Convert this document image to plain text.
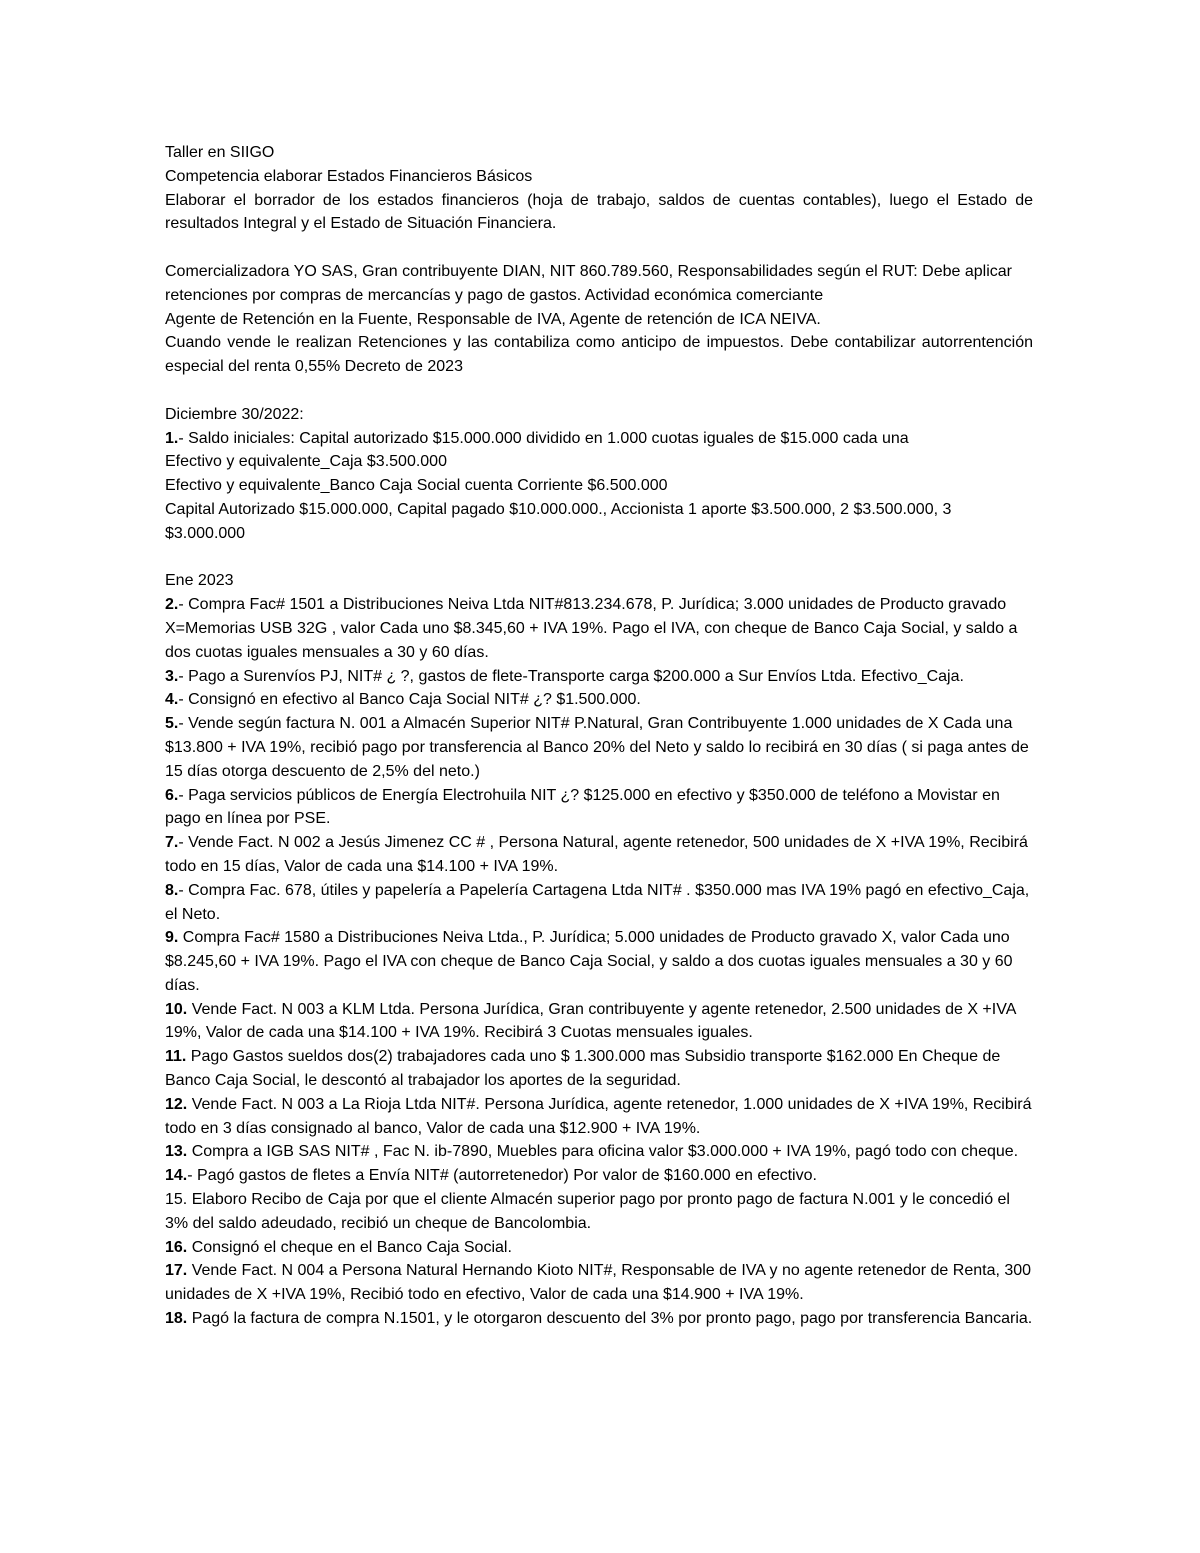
Taller en SIIGO

Competencia elaborar Estados Financieros Básicos

Elaborar el borrador de los estados financieros (hoja de trabajo, saldos de cuentas contables), luego el Estado de resultados Integral y el Estado de Situación Financiera.

Comercializadora YO SAS, Gran contribuyente DIAN, NIT 860.789.560, Responsabilidades según el RUT: Debe aplicar retenciones por compras de mercancías y pago de gastos. Actividad económica comerciante

Agente de Retención en la Fuente, Responsable de IVA, Agente de retención de ICA NEIVA.

Cuando vende le realizan Retenciones y las contabiliza como anticipo de impuestos. Debe contabilizar autorrentención especial del renta 0,55% Decreto de 2023

Diciembre 30/2022:

1.- Saldo iniciales: Capital autorizado $15.000.000 dividido en 1.000 cuotas iguales de $15.000 cada una

Efectivo y equivalente_Caja $3.500.000

Efectivo y equivalente_Banco Caja Social cuenta Corriente $6.500.000

Capital Autorizado $15.000.000, Capital pagado $10.000.000., Accionista 1 aporte $3.500.000, 2 $3.500.000, 3 $3.000.000

Ene 2023

2.- Compra Fac# 1501 a Distribuciones Neiva Ltda NIT#813.234.678, P. Jurídica; 3.000 unidades de Producto gravado X=Memorias USB 32G , valor Cada uno $8.345,60 + IVA 19%. Pago el IVA, con cheque de Banco Caja Social, y saldo a dos cuotas iguales mensuales a 30 y 60 días.

3.- Pago a Surenvíos PJ, NIT# ¿ ?, gastos de flete-Transporte carga $200.000 a Sur Envíos Ltda. Efectivo_Caja.

4.- Consignó en efectivo al Banco Caja Social NIT# ¿? $1.500.000.

5.- Vende según factura N. 001 a Almacén Superior NIT# P.Natural, Gran Contribuyente 1.000 unidades de X Cada una $13.800 + IVA 19%, recibió pago por transferencia al Banco 20% del Neto y saldo lo recibirá en 30 días ( si paga antes de 15 días otorga descuento de 2,5% del neto.)

6.- Paga servicios públicos de Energía Electrohuila NIT ¿? $125.000 en efectivo y $350.000 de teléfono a Movistar en pago en línea por PSE.

7.- Vende Fact. N 002 a Jesús Jimenez CC # , Persona Natural, agente retenedor, 500 unidades de X +IVA 19%, Recibirá todo en 15 días, Valor de cada una $14.100 + IVA 19%.

8.- Compra Fac. 678, útiles y papelería a Papelería Cartagena Ltda NIT# . $350.000 mas IVA 19% pagó en efectivo_Caja, el Neto.

9. Compra Fac# 1580 a Distribuciones Neiva Ltda., P. Jurídica; 5.000 unidades de Producto gravado X, valor Cada uno $8.245,60 + IVA 19%. Pago el IVA con cheque de Banco Caja Social, y saldo a dos cuotas iguales mensuales a 30 y 60 días.

10. Vende Fact. N 003 a KLM Ltda. Persona Jurídica, Gran contribuyente y agente retenedor, 2.500 unidades de X +IVA 19%, Valor de cada una $14.100 + IVA 19%. Recibirá 3 Cuotas mensuales iguales.

11. Pago Gastos sueldos dos(2) trabajadores cada uno $ 1.300.000 mas Subsidio transporte $162.000 En Cheque de Banco Caja Social, le descontó al trabajador los aportes de la seguridad.

12. Vende Fact. N 003 a La Rioja Ltda NIT#. Persona Jurídica, agente retenedor, 1.000 unidades de X +IVA 19%, Recibirá todo en 3 días consignado al banco, Valor de cada una $12.900 + IVA 19%.

13. Compra a IGB SAS NIT# , Fac N. ib-7890, Muebles para oficina valor $3.000.000 + IVA 19%, pagó todo con cheque.

14.- Pagó gastos de fletes a Envía NIT# (autorretenedor) Por valor de $160.000 en efectivo.

15. Elaboro Recibo de Caja por que el cliente Almacén superior pago por pronto pago de factura N.001 y le concedió el 3% del saldo adeudado, recibió un cheque de Bancolombia.

16. Consignó el cheque en el Banco Caja Social.

17. Vende Fact. N 004 a Persona Natural Hernando Kioto NIT#, Responsable de IVA y no agente retenedor de Renta, 300 unidades de X +IVA 19%, Recibió todo en efectivo, Valor de cada una $14.900 + IVA 19%.

18. Pagó la factura de compra N.1501, y le otorgaron descuento del 3% por pronto pago, pago por transferencia Bancaria.
